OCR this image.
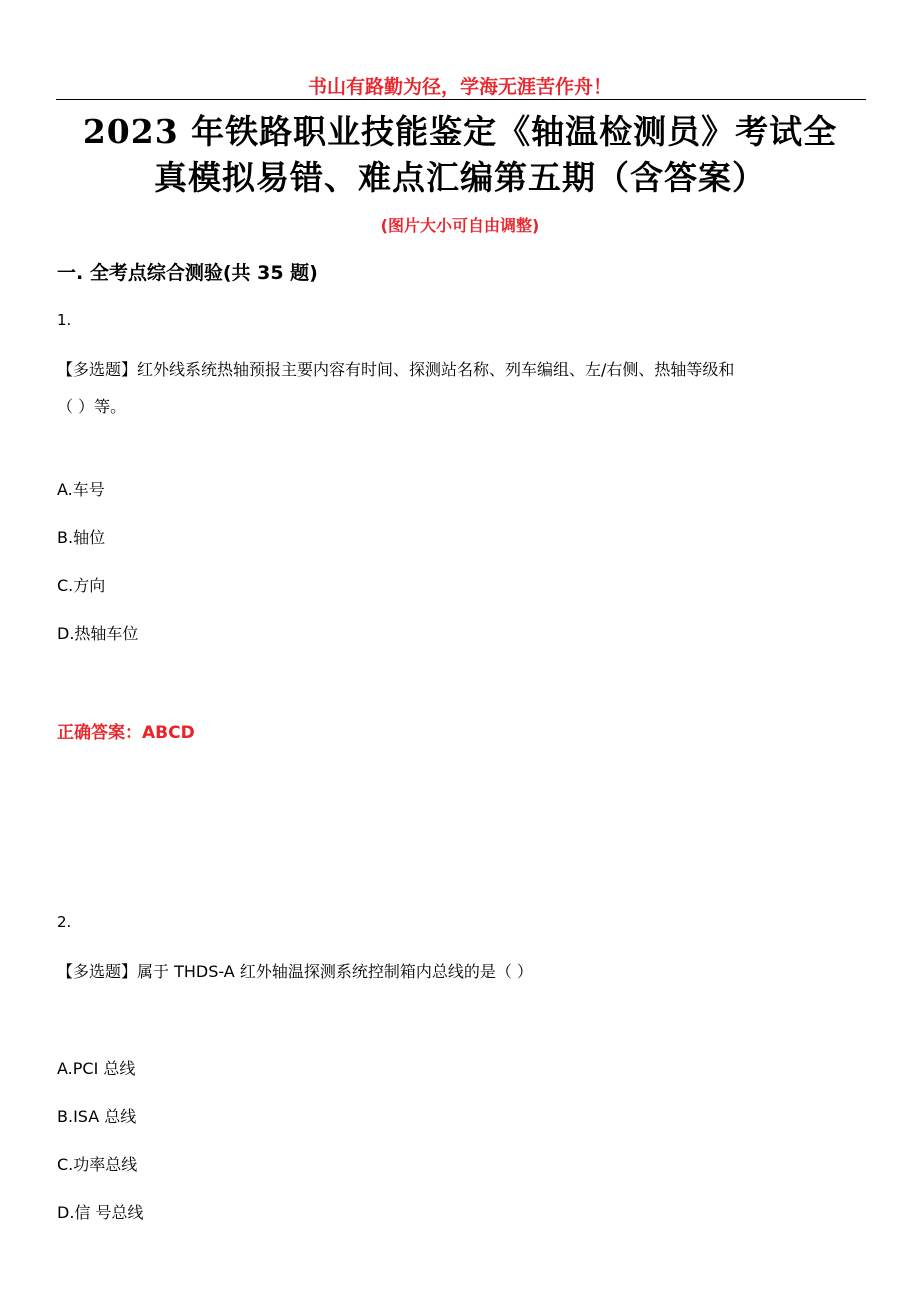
书山有路勤为径，学海无涯苦作舟！
2023 年铁路职业技能鉴定《轴温检测员》考试全
真模拟易错、难点汇编第五期（含答案）
(图片大小可自由调整)
一. 全考点综合测验(共 35 题)
1.
【多选题】红外线系统热轴预报主要内容有时间、探测站名称、列车编组、左/右侧、热轴等级和
（ ）等。
A.车号
B.轴位
C.方向
D.热轴车位
正确答案：ABCD
2.
【多选题】属于 THDS-A 红外轴温探测系统控制箱内总线的是（ ）
A.PCI 总线
B.ISA 总线
C.功率总线
D.信 号总线
